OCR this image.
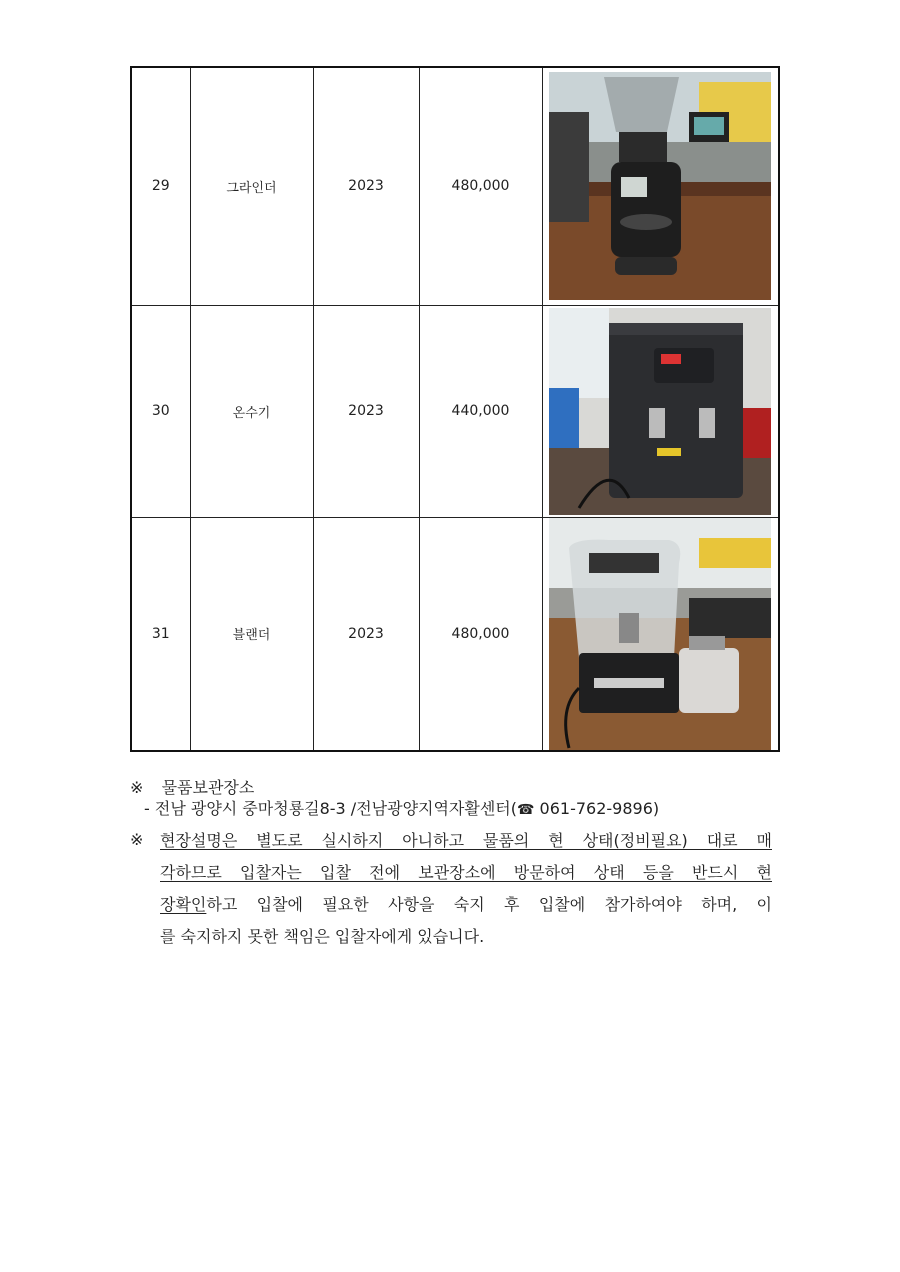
29	그라인더	2023	480,000	

30	온수기	2023	440,000	

31	블랜더	2023	480,000	
※ 물품보관장소
- 전남 광양시 중마청룡길8-3 /전남광양지역자활센터(☎ 061-762-9896)
※ 현장설명은 별도로 실시하지 아니하고 물품의 현 상태(정비필요) 대로 매
각하므로 입찰자는 입찰 전에 보관장소에 방문하여 상태 등을 반드시 현
장확인하고 입찰에 필요한 사항을 숙지 후 입찰에 참가하여야 하며, 이
를 숙지하지 못한 책임은 입찰자에게 있습니다.
